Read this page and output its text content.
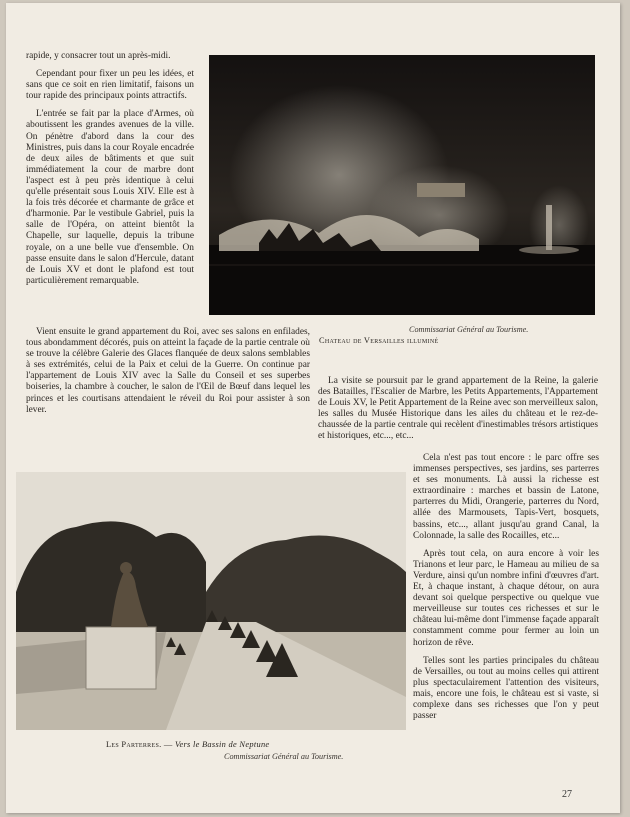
rapide, y consacrer tout un après-midi.

Cependant pour fixer un peu les idées, et sans que ce soit en rien limitatif, faisons un tour rapide des principaux points attractifs.

L'entrée se fait par la place d'Armes, où aboutissent les grandes avenues de la ville. On pénètre d'abord dans la cour des Ministres, puis dans la cour Royale encadrée de deux ailes de bâtiments et que suit immédiatement la cour de marbre dont l'aspect est à peu près identique à celui qu'elle présentait sous Louis XIV. Elle est à la fois très décorée et charmante de grâce et d'harmonie. Par le vestibule Gabriel, puis la salle de l'Opéra, on atteint bientôt la Chapelle, sur laquelle, depuis la tribune royale, on a une belle vue d'ensemble. On passe ensuite dans le salon d'Hercule, datant de Louis XV et dont le plafond est tout particulièrement remarquable.

Vient ensuite le grand appartement du Roi, avec ses salons en enfilades, tous abondamment décorés, puis on atteint la façade de la partie centrale où se trouve la célèbre Galerie des Glaces flanquée de deux salons semblables à ses extrémités, celui de la Paix et celui de la Guerre. On continue par l'appartement de Louis XIV avec la Salle du Conseil et ses superbes boiseries, la chambre à coucher, le salon de l'Œil de Bœuf dans lequel les princes et les courtisans attendaient le réveil du Roi pour assister à son lever.

Commissariat Général au Tourisme.
Chateau de Versailles illuminé

La visite se poursuit par le grand appartement de la Reine, la galerie des Batailles, l'Escalier de Marbre, les Petits Appartements, l'Appartement de Louis XV, le Petit Appartement de la Reine avec son merveilleux salon, les salles du Musée Historique dans les ailes du château et le rez-de-chaussée de la partie centrale qui recèlent d'inestimables trésors artistiques et historiques, etc..., etc...

Cela n'est pas tout encore : le parc offre ses immenses perspectives, ses jardins, ses parterres et ses monuments. Là aussi la richesse est extraordinaire : marches et bassin de Latone, parterres du Midi, Orangerie, parterres du Nord, allée des Marmousets, Tapis-Vert, bosquets, bassins, etc..., allant jusqu'au grand Canal, la Colonnade, la salle des Rocailles, etc...

Après tout cela, on aura encore à voir les Trianons et leur parc, le Hameau au milieu de sa Verdure, ainsi qu'un nombre infini d'œuvres d'art. Et, à chaque instant, à chaque détour, on aura devant soi quelque perspective ou quelque vue merveilleuse sur toutes ces richesses et sur le château lui-même dont l'immense façade apparaît constamment comme pour fermer au loin un horizon de rêve.

Telles sont les parties principales du château de Versailles, ou tout au moins celles qui attirent plus spectaculairement l'attention des visiteurs, mais, encore une fois, le château est si vaste, si complexe dans ses richesses que l'on y peut passer

Les Parterres. — Vers le Bassin de Neptune
Commissariat Général au Tourisme.
27
